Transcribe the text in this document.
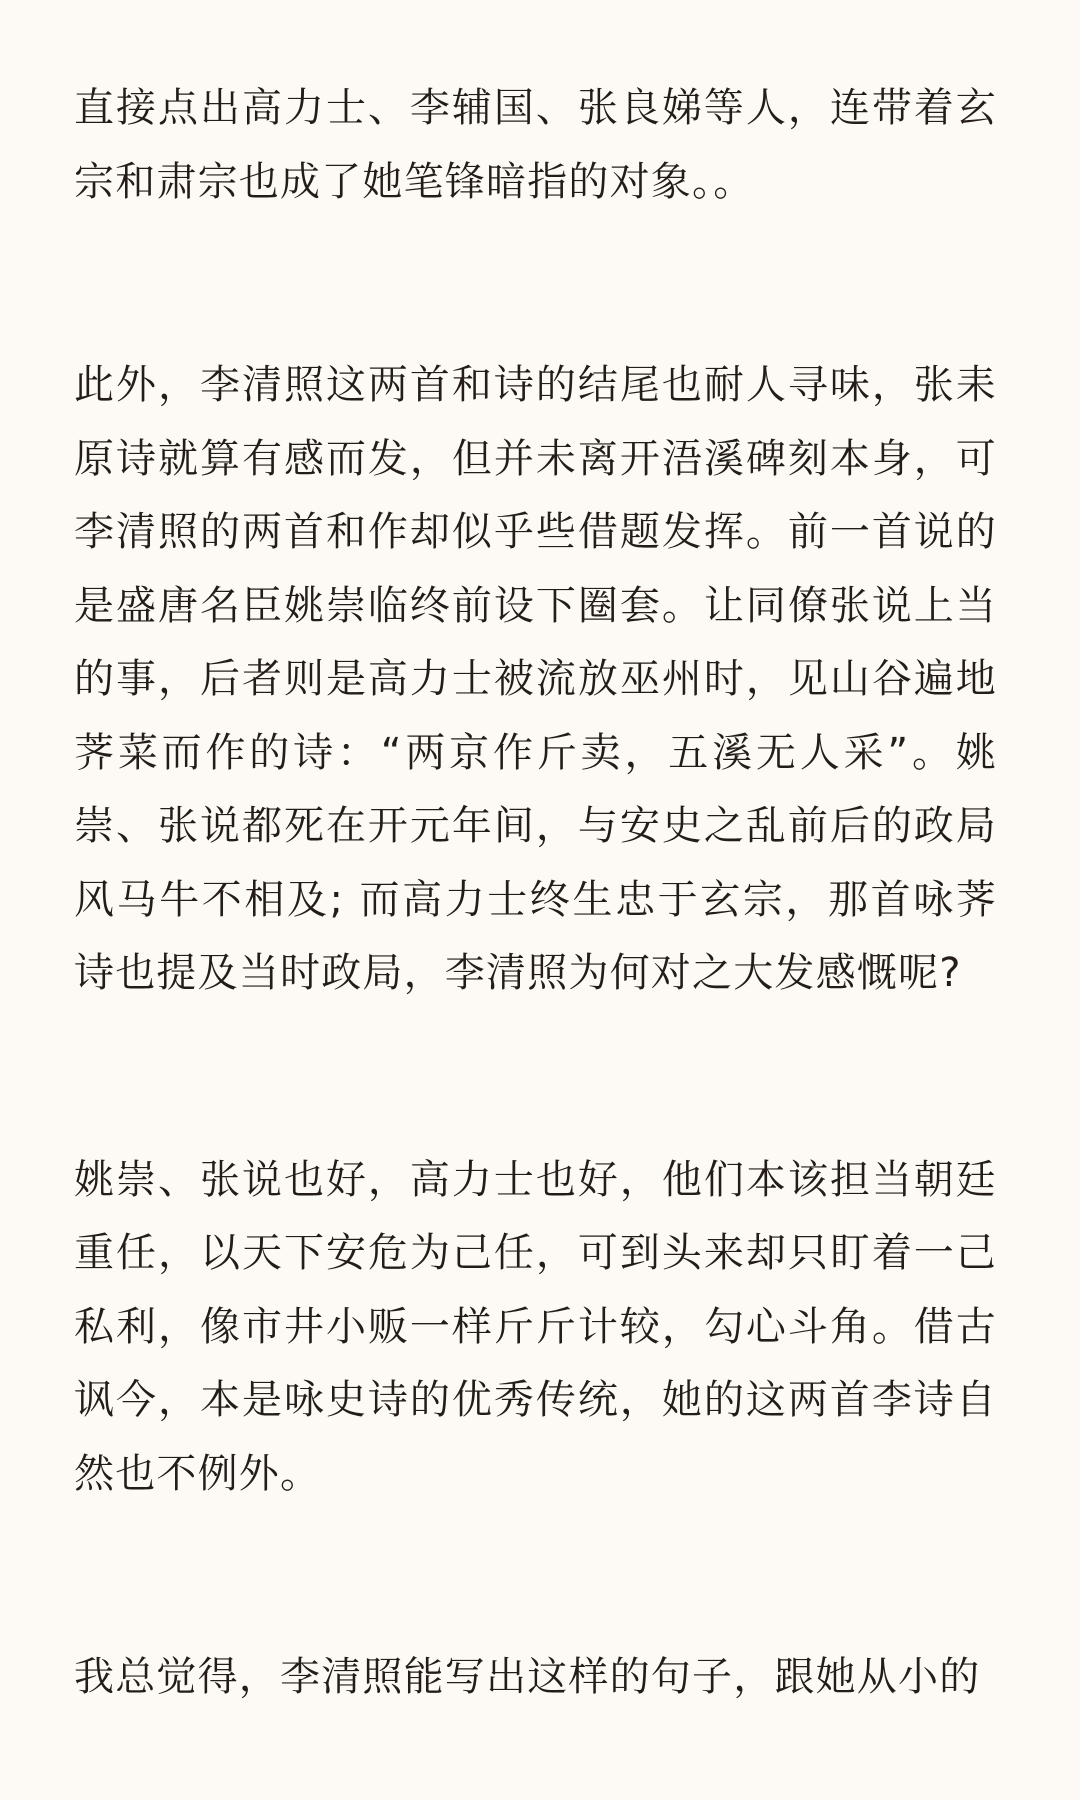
直接点出高力士、李辅国、张良娣等人，连带着玄宗和肃宗也成了她笔锋暗指的对象。。

此外，李清照这两首和诗的结尾也耐人寻味，张耒原诗就算有感而发，但并未离开浯溪碑刻本身，可李清照的两首和作却似乎些借题发挥。前一首说的是盛唐名臣姚崇临终前设下圈套。让同僚张说上当的事，后者则是高力士被流放巫州时，见山谷遍地荠菜而作的诗：“两京作斤卖，五溪无人采”。姚崇、张说都死在开元年间，与安史之乱前后的政局风马牛不相及; 而高力士终生忠于玄宗，那首咏荠诗也提及当时政局，李清照为何对之大发感慨呢?

姚崇、张说也好，高力士也好，他们本该担当朝廷重任，以天下安危为己任，可到头来却只盯着一己私利，像市井小贩一样斤斤计较，勾心斗角。借古讽今，本是咏史诗的优秀传统，她的这两首李诗自然也不例外。

我总觉得，李清照能写出这样的句子，跟她从小的
